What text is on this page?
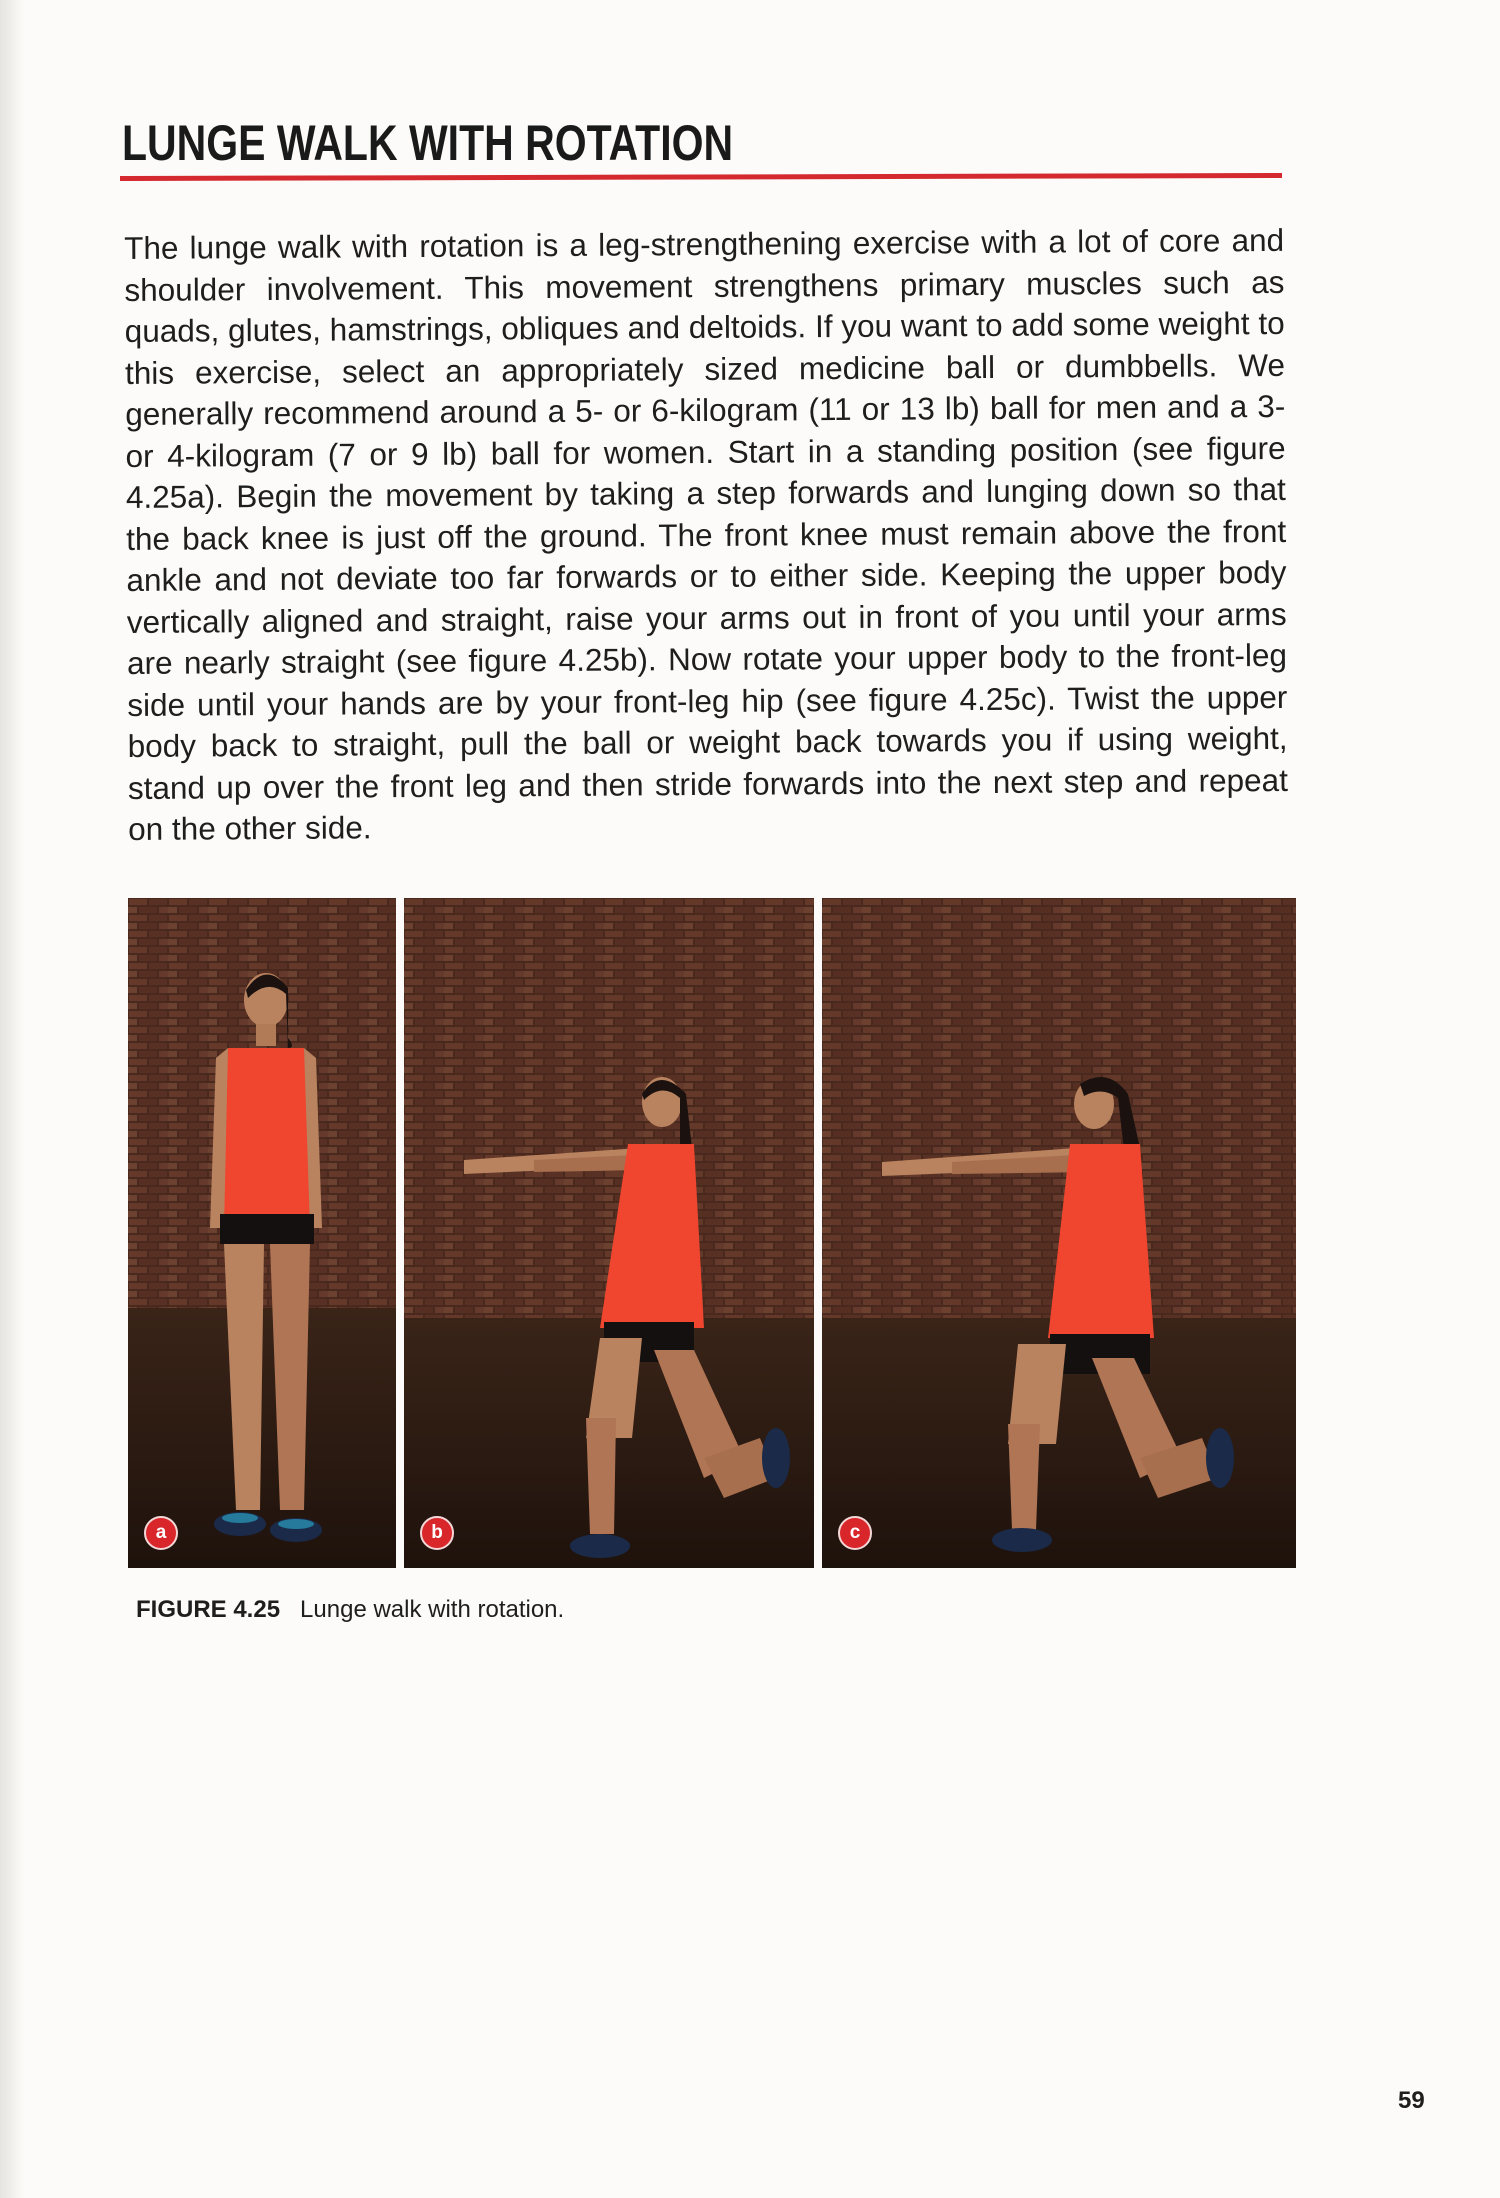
LUNGE WALK WITH ROTATION

The lunge walk with rotation is a leg-strengthening exercise with a lot of core and shoulder involvement. This movement strengthens primary muscles such as quads, glutes, hamstrings, obliques and deltoids. If you want to add some weight to this exercise, select an appropriately sized medicine ball or dumbbells. We generally recommend around a 5- or 6-kilogram (11 or 13 lb) ball for men and a 3- or 4-kilogram (7 or 9 lb) ball for women. Start in a standing position (see figure 4.25a). Begin the movement by taking a step forwards and lunging down so that the back knee is just off the ground. The front knee must remain above the front ankle and not deviate too far forwards or to either side. Keeping the upper body vertically aligned and straight, raise your arms out in front of you until your arms are nearly straight (see figure 4.25b). Now rotate your upper body to the front-leg side until your hands are by your front-leg hip (see figure 4.25c). Twist the upper body back to straight, pull the ball or weight back towards you if using weight, stand up over the front leg and then stride forwards into the next step and repeat on the other side.

a	b	c

FIGURE 4.25 Lunge walk with rotation.

59
